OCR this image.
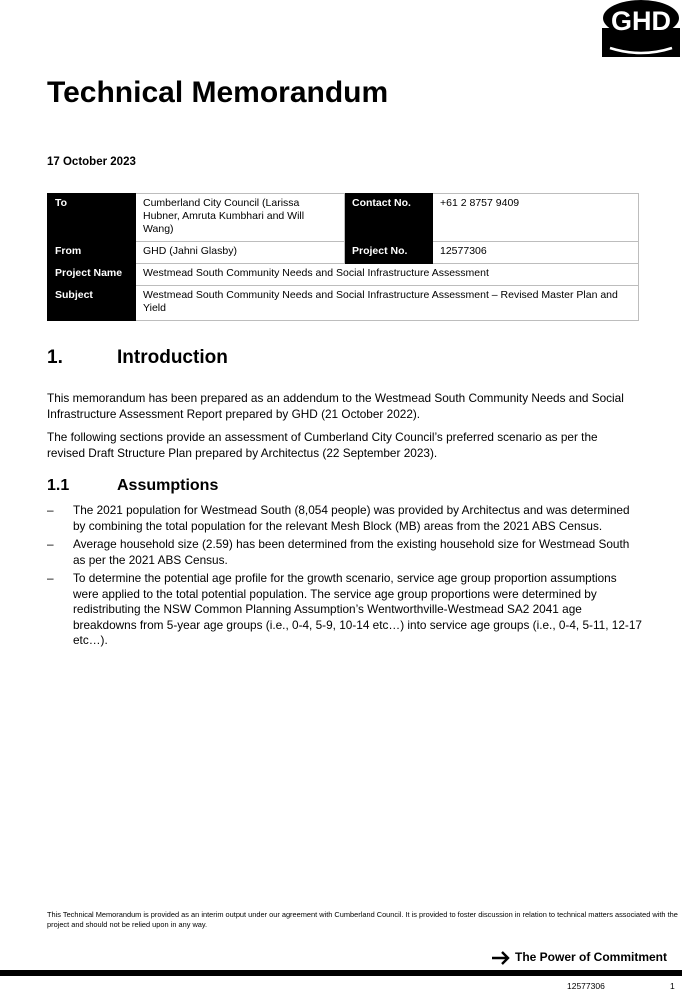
GHD
Technical Memorandum
17 October 2023
To	Cumberland City Council (Larissa Hubner, Amruta Kumbhari and Will Wang)	Contact No.	+61 2 8757 9409
From	GHD (Jahni Glasby)	Project No.	12577306
Project Name	Westmead South Community Needs and Social Infrastructure Assessment		
Subject	Westmead South Community Needs and Social Infrastructure Assessment – Revised Master Plan and Yield		
1.	Introduction

This memorandum has been prepared as an addendum to the Westmead South Community Needs and Social Infrastructure Assessment Report prepared by GHD (21 October 2022).

The following sections provide an assessment of Cumberland City Council’s preferred scenario as per the revised Draft Structure Plan prepared by Architectus (22 September 2023).

1.1	Assumptions
– The 2021 population for Westmead South (8,054 people) was provided by Architectus and was determined by combining the total population for the relevant Mesh Block (MB) areas from the 2021 ABS Census.
– Average household size (2.59) has been determined from the existing household size for Westmead South as per the 2021 ABS Census.
– To determine the potential age profile for the growth scenario, service age group proportion assumptions were applied to the total potential population. The service age group proportions were determined by redistributing the NSW Common Planning Assumption’s Wentworthville-Westmead SA2 2041 age breakdowns from 5-year age groups (i.e., 0-4, 5-9, 10-14 etc…) into service age groups (i.e., 0-4, 5-11, 12-17 etc…).

This Technical Memorandum is provided as an interim output under our agreement with Cumberland Council. It is provided to foster discussion in relation to technical matters associated with the project and should not be relied upon in any way.

The Power of Commitment
12577306	1
